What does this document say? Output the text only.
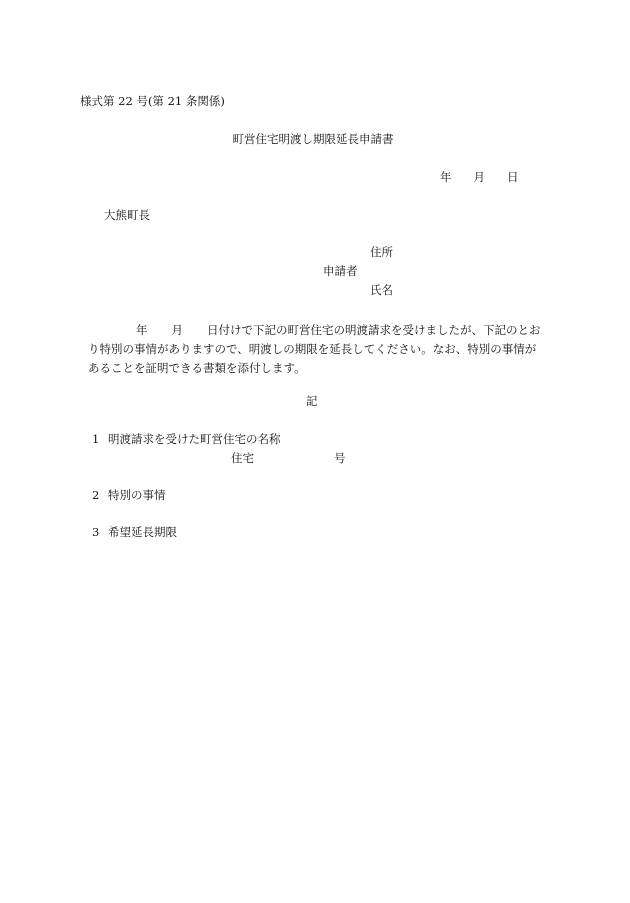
様式第 22 号(第 21 条関係)
町営住宅明渡し期限延長申請書
年 月 日
大熊町長
住所
申請者
氏名
年 月 日付けで下記の町営住宅の明渡請求を受けましたが、下記のとお
り特別の事情がありますので、明渡しの期限を延長してください。なお、特別の事情が
あることを証明できる書類を添付します。
記
1 明渡請求を受けた町営住宅の名称
住宅	号
2 特別の事情
3 希望延長期限
